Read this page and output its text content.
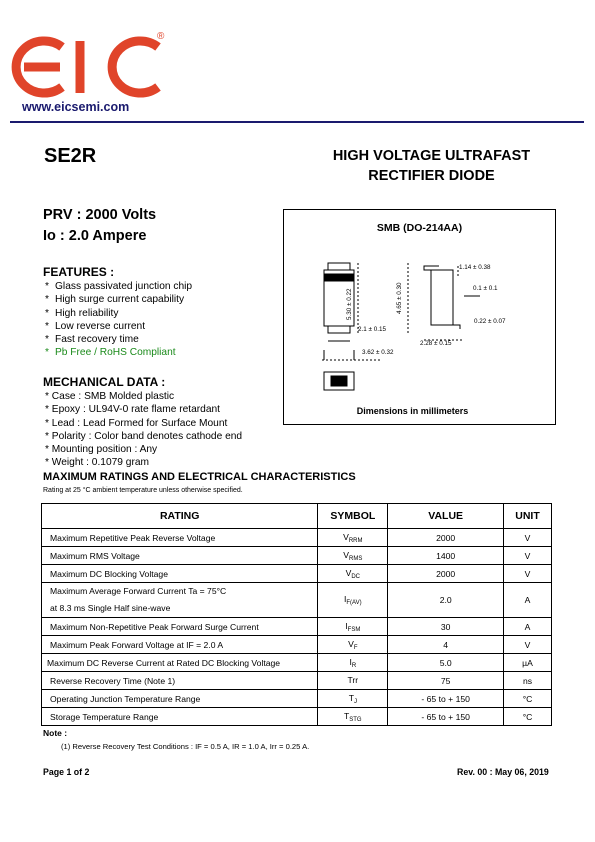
®
www.eicsemi.com
SE2R	HIGH VOLTAGE ULTRAFAST
RECTIFIER DIODE
PRV : 2000 Volts
Io : 2.0 Ampere
FEATURES :
* Glass passivated junction chip
* High surge current capability
* High reliability
* Low reverse current
* Fast recovery time
* Pb Free / RoHS Compliant
MECHANICAL DATA :
* Case : SMB Molded plastic
* Epoxy : UL94V-0 rate flame retardant
* Lead : Lead Formed for Surface Mount
* Polarity : Color band denotes cathode end
* Mounting position : Any
* Weight : 0.1079 gram
SMB (DO-214AA)
5.30 ± 0.22
2.1 ± 0.15
4.65 ± 0.30
1.14 ± 0.38
0.1 ± 0.1
0.22 ± 0.07
2.28 ± 0.15
3.62 ± 0.32
Dimensions in millimeters
MAXIMUM RATINGS AND ELECTRICAL CHARACTERISTICS
Rating at 25 °C ambient temperature unless otherwise specified.
RATING	SYMBOL	VALUE	UNIT
Maximum Repetitive Peak Reverse Voltage	$V_{RRM}$	2000	V
Maximum RMS Voltage	$V_{RMS}$	1400	V
Maximum DC Blocking Voltage	$V_{DC}$	2000	V

Maximum Average Forward Current Ta = 75°C
at 8.3 ms Single Half sine-wave	$I_{F(AV)}$	2.0	A
Maximum Non-Repetitive Peak Forward Surge Current	$I_{FSM}$	30	A
Maximum Peak Forward Voltage at IF = 2.0 A	$V_F$	4	V
Maximum DC Reverse Current at Rated DC Blocking Voltage	$I_R$	5.0	µA
Reverse Recovery Time (Note 1)	Trr	75	ns
Operating Junction Temperature Range	$T_J$	- 65 to + 150	°C
Storage Temperature Range	$T_{STG}$	- 65 to + 150	°C
Note :
(1) Reverse Recovery Test Conditions : IF = 0.5 A, IR = 1.0 A, Irr = 0.25 A.
Page 1 of 2	Rev. 00 : May 06, 2019
